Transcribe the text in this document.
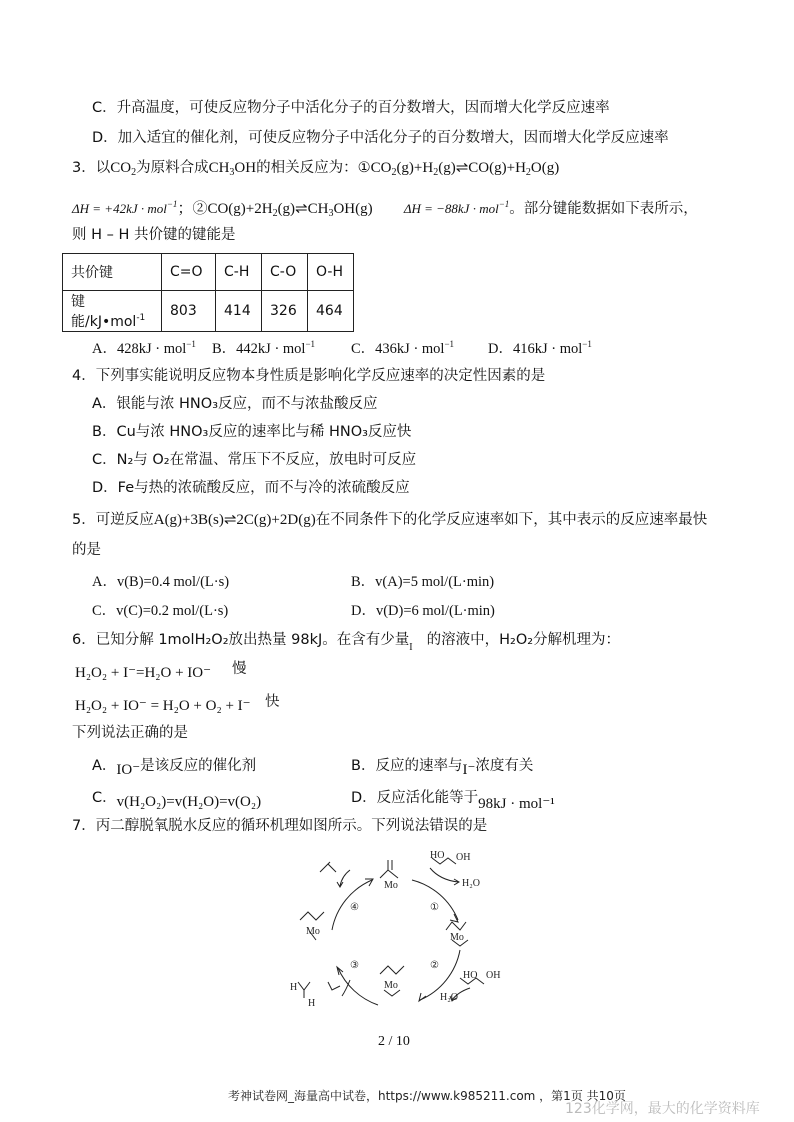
C．升高温度，可使反应物分子中活化分子的百分数增大，因而增大化学反应速率
D．加入适宜的催化剂，可使反应物分子中活化分子的百分数增大，因而增大化学反应速率
3．以$CO_2$为原料合成$CH_3OH$的相关反应为：$①CO_2(g)+H_2(g)\rightleftharpoons CO(g)+H_2O(g)$
ΔH = +42kJ · mol$^{-1}$；$②CO(g)+2H_2(g)\rightleftharpoons CH_3OH(g) \Delta H = -88kJ \cdot mol^{-1}$。部分键能数据如下表所示，
则 H – H 共价键的键能是
共价键	C=O	C-H	C-O	O-H
键能/kJ•mol$^{-1}$	803	414	326	464
A．428kJ · mol$^{-1}$ B．442kJ · mol$^{-1}$ C．436kJ · mol$^{-1}$ D．416kJ · mol$^{-1}$
4．下列事实能说明反应物本身性质是影响化学反应速率的决定性因素的是
A．银能与浓 HNO₃反应，而不与浓盐酸反应
B．Cu与浓 HNO₃反应的速率比与稀 HNO₃反应快
C．N₂与 O₂在常温、常压下不反应，放电时可反应
D．Fe与热的浓硫酸反应，而不与冷的浓硫酸反应
5．可逆反应A(g)+3B(s)⇌2C(g)+2D(g)在不同条件下的化学反应速率如下，其中表示的反应速率最快
的是
A．v(B)=0.4 mol/(L·s)	B．v(A)=5 mol/(L·min)
C．v(C)=0.2 mol/(L·s)	D．v(D)=6 mol/(L·min)
6．已知分解 1molH₂O₂放出热量 98kJ。在含有少量$_I$ 的溶液中，H₂O₂分解机理为：
H₂O₂ + I⁻=H₂O + IO⁻ 慢
H₂O₂ + IO⁻ = H₂O + O₂ + I⁻ 快
下列说法正确的是
A．IO⁻是该反应的催化剂	B．反应的速率与I⁻浓度有关
C．v(H₂O₂)=v(H₂O)=v(O₂)	D．反应活化能等于98kJ · mol⁻¹
7．丙二醇脱氧脱水反应的循环机理如图所示。下列说法错误的是
Mo
Mo
Mo
Mo
HO OH
HO OH
H₂O
H₂O
H
H
①
②
③
④
2 / 10
考神试卷网_海量高中试卷，https://www.k985211.com ，第1页 共10页
123化学网，最大的化学资料库
